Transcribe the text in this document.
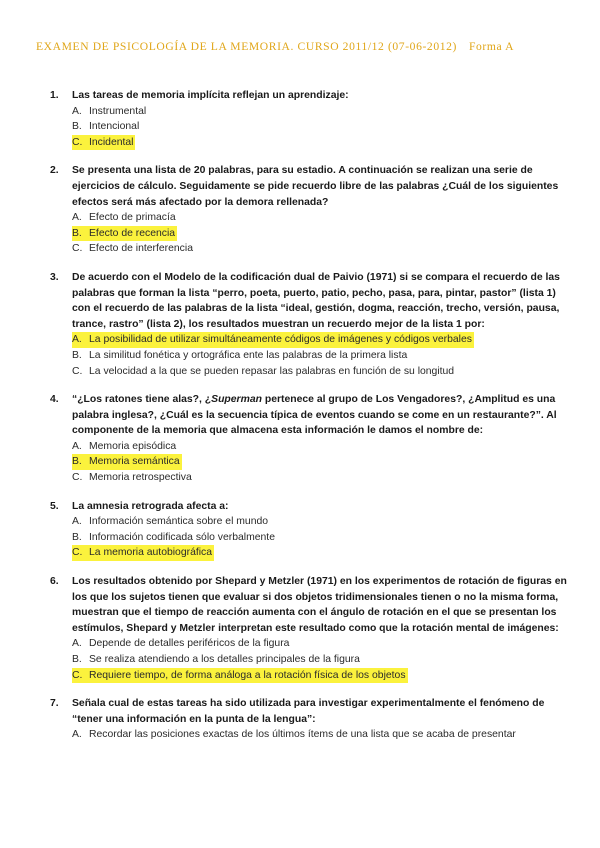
EXAMEN DE PSICOLOGÍA DE LA MEMORIA. CURSO 2011/12 (07-06-2012) Forma A
1.	Las tareas de memoria implícita reflejan un aprendizaje:
A. Instrumental
B. Intencional
C. Incidental
2.	Se presenta una lista de 20 palabras, para su estadio. A continuación se realizan una serie de ejercicios de cálculo. Seguidamente se pide recuerdo libre de las palabras ¿Cuál de los siguientes efectos será más afectado por la demora rellenada?
A. Efecto de primacía
B. Efecto de recencia
C. Efecto de interferencia
3.	De acuerdo con el Modelo de la codificación dual de Paivio (1971) si se compara el recuerdo de las palabras que forman la lista “perro, poeta, puerto, patio, pecho, pasa, para, pintar, pastor” (lista 1) con el recuerdo de las palabras de la lista “ideal, gestión, dogma, reacción, trecho, versión, pausa, trance, rastro” (lista 2), los resultados muestran un recuerdo mejor de la lista 1 por:
A. La posibilidad de utilizar simultáneamente códigos de imágenes y códigos verbales
B. La similitud fonética y ortográfica ente las palabras de la primera lista
C. La velocidad a la que se pueden repasar las palabras en función de su longitud
4.	“¿Los ratones tiene alas?, ¿Superman pertenece al grupo de Los Vengadores?, ¿Amplitud es una palabra inglesa?, ¿Cuál es la secuencia típica de eventos cuando se come en un restaurante?”. Al componente de la memoria que almacena esta información le damos el nombre de:
A. Memoria episódica
B. Memoria semántica
C. Memoria retrospectiva
5.	La amnesia retrograda afecta a:
A. Información semántica sobre el mundo
B. Información codificada sólo verbalmente
C. La memoria autobiográfica
6.	Los resultados obtenido por Shepard y Metzler (1971) en los experimentos de rotación de figuras en los que los sujetos tienen que evaluar si dos objetos tridimensionales tienen o no la misma forma, muestran que el tiempo de reacción aumenta con el ángulo de rotación en el que se presentan los estímulos, Shepard y Metzler interpretan este resultado como que la rotación mental de imágenes:
A. Depende de detalles periféricos de la figura
B. Se realiza atendiendo a los detalles principales de la figura
C. Requiere tiempo, de forma análoga a la rotación física de los objetos
7.	Señala cual de estas tareas ha sido utilizada para investigar experimentalmente el fenómeno de “tener una información en la punta de la lengua”:
A. Recordar las posiciones exactas de los últimos ítems de una lista que se acaba de presentar
